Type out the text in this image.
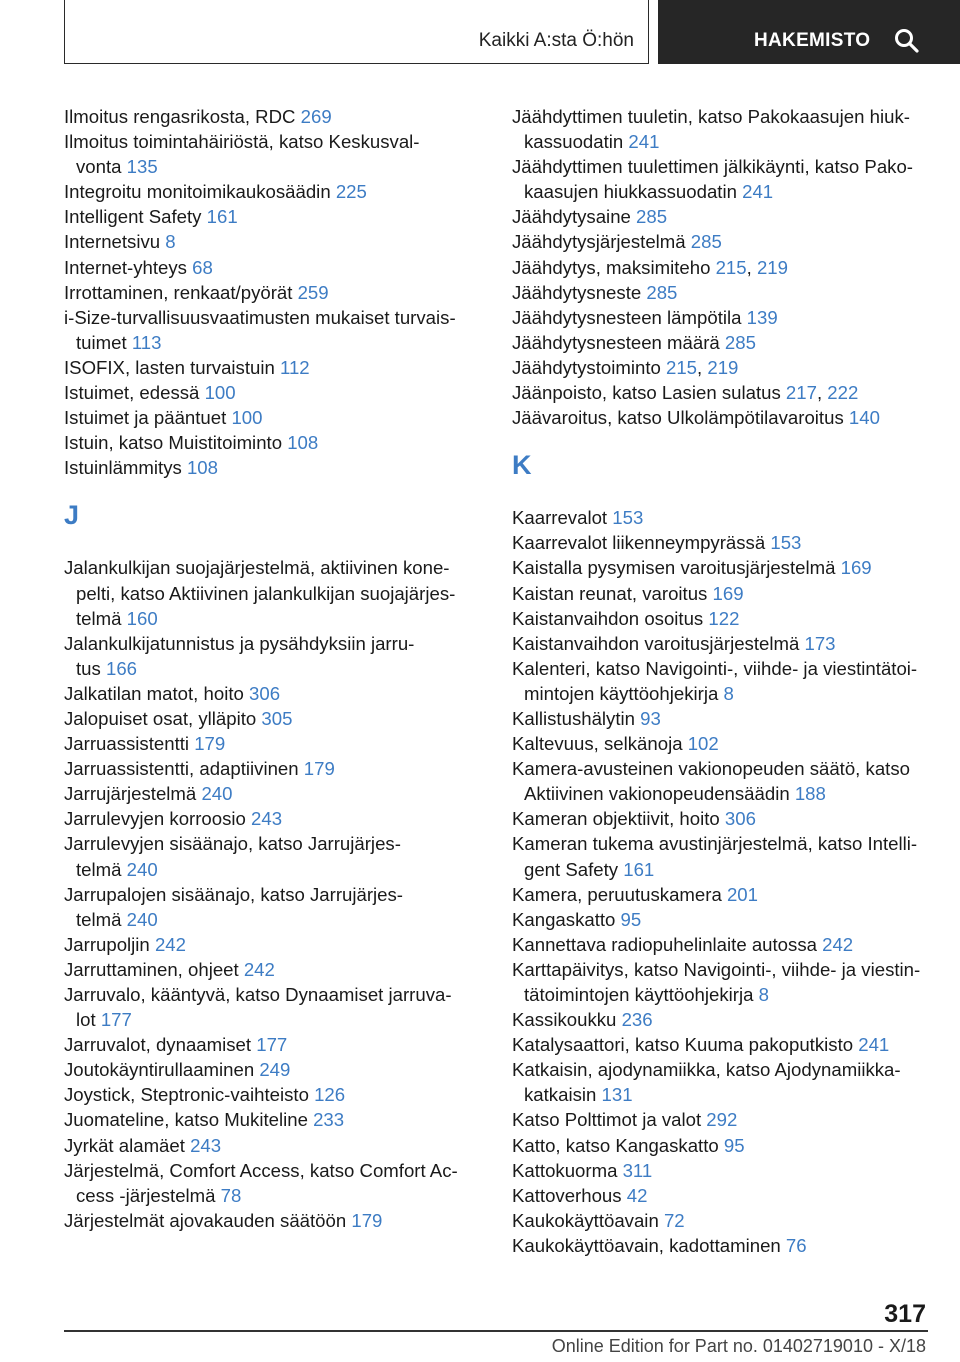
Kaikki A:sta Ö:hön	HAKEMISTO
Ilmoitus rengasrikosta, RDC 269
Ilmoitus toimintahäiriöstä, katso Keskusval-
vonta 135
Integroitu monitoimikaukosäädin 225
Intelligent Safety 161
Internetsivu 8
Internet-yhteys 68
Irrottaminen, renkaat/pyörät 259
i-Size-turvallisuusvaatimusten mukaiset turvais-
tuimet 113
ISOFIX, lasten turvaistuin 112
Istuimet, edessä 100
Istuimet ja pääntuet 100
Istuin, katso Muistitoiminto 108
Istuinlämmitys 108
J
Jalankulkijan suojajärjestelmä, aktiivinen kone-
pelti, katso Aktiivinen jalankulkijan suojajärjes-
telmä 160
Jalankulkijatunnistus ja pysähdyksiin jarru-
tus 166
Jalkatilan matot, hoito 306
Jalopuiset osat, ylläpito 305
Jarruassistentti 179
Jarruassistentti, adaptiivinen 179
Jarrujärjestelmä 240
Jarrulevyjen korroosio 243
Jarrulevyjen sisäänajo, katso Jarrujärjes-
telmä 240
Jarrupalojen sisäänajo, katso Jarrujärjes-
telmä 240
Jarrupoljin 242
Jarruttaminen, ohjeet 242
Jarruvalo, kääntyvä, katso Dynaamiset jarruva-
lot 177
Jarruvalot, dynaamiset 177
Joutokäyntirullaaminen 249
Joystick, Steptronic-vaihteisto 126
Juomateline, katso Mukiteline 233
Jyrkät alamäet 243
Järjestelmä, Comfort Access, katso Comfort Ac-
cess -järjestelmä 78
Järjestelmät ajovakauden säätöön 179
Jäähdyttimen tuuletin, katso Pakokaasujen hiuk-
kassuodatin 241
Jäähdyttimen tuulettimen jälkikäynti, katso Pako-
kaasujen hiukkassuodatin 241
Jäähdytysaine 285
Jäähdytysjärjestelmä 285
Jäähdytys, maksimiteho 215, 219
Jäähdytysneste 285
Jäähdytysnesteen lämpötila 139
Jäähdytysnesteen määrä 285
Jäähdytystoiminto 215, 219
Jäänpoisto, katso Lasien sulatus 217, 222
Jäävaroitus, katso Ulkolämpötilavaroitus 140
K
Kaarrevalot 153
Kaarrevalot liikenneympyrässä 153
Kaistalla pysymisen varoitusjärjestelmä 169
Kaistan reunat, varoitus 169
Kaistanvaihdon osoitus 122
Kaistanvaihdon varoitusjärjestelmä 173
Kalenteri, katso Navigointi-, viihde- ja viestintätoi-
mintojen käyttöohjekirja 8
Kallistushälytin 93
Kaltevuus, selkänoja 102
Kamera-avusteinen vakionopeuden säätö, katso
Aktiivinen vakionopeudensäädin 188
Kameran objektiivit, hoito 306
Kameran tukema avustinjärjestelmä, katso Intelli-
gent Safety 161
Kamera, peruutuskamera 201
Kangaskatto 95
Kannettava radiopuhelinlaite autossa 242
Karttapäivitys, katso Navigointi-, viihde- ja viestin-
tätoimintojen käyttöohjekirja 8
Kassikoukku 236
Katalysaattori, katso Kuuma pakoputkisto 241
Katkaisin, ajodynamiikka, katso Ajodynamiikka-
katkaisin 131
Katso Polttimot ja valot 292
Katto, katso Kangaskatto 95
Kattokuorma 311
Kattoverhous 42
Kaukokäyttöavain 72
Kaukokäyttöavain, kadottaminen 76
317
Online Edition for Part no. 01402719010 - X/18
